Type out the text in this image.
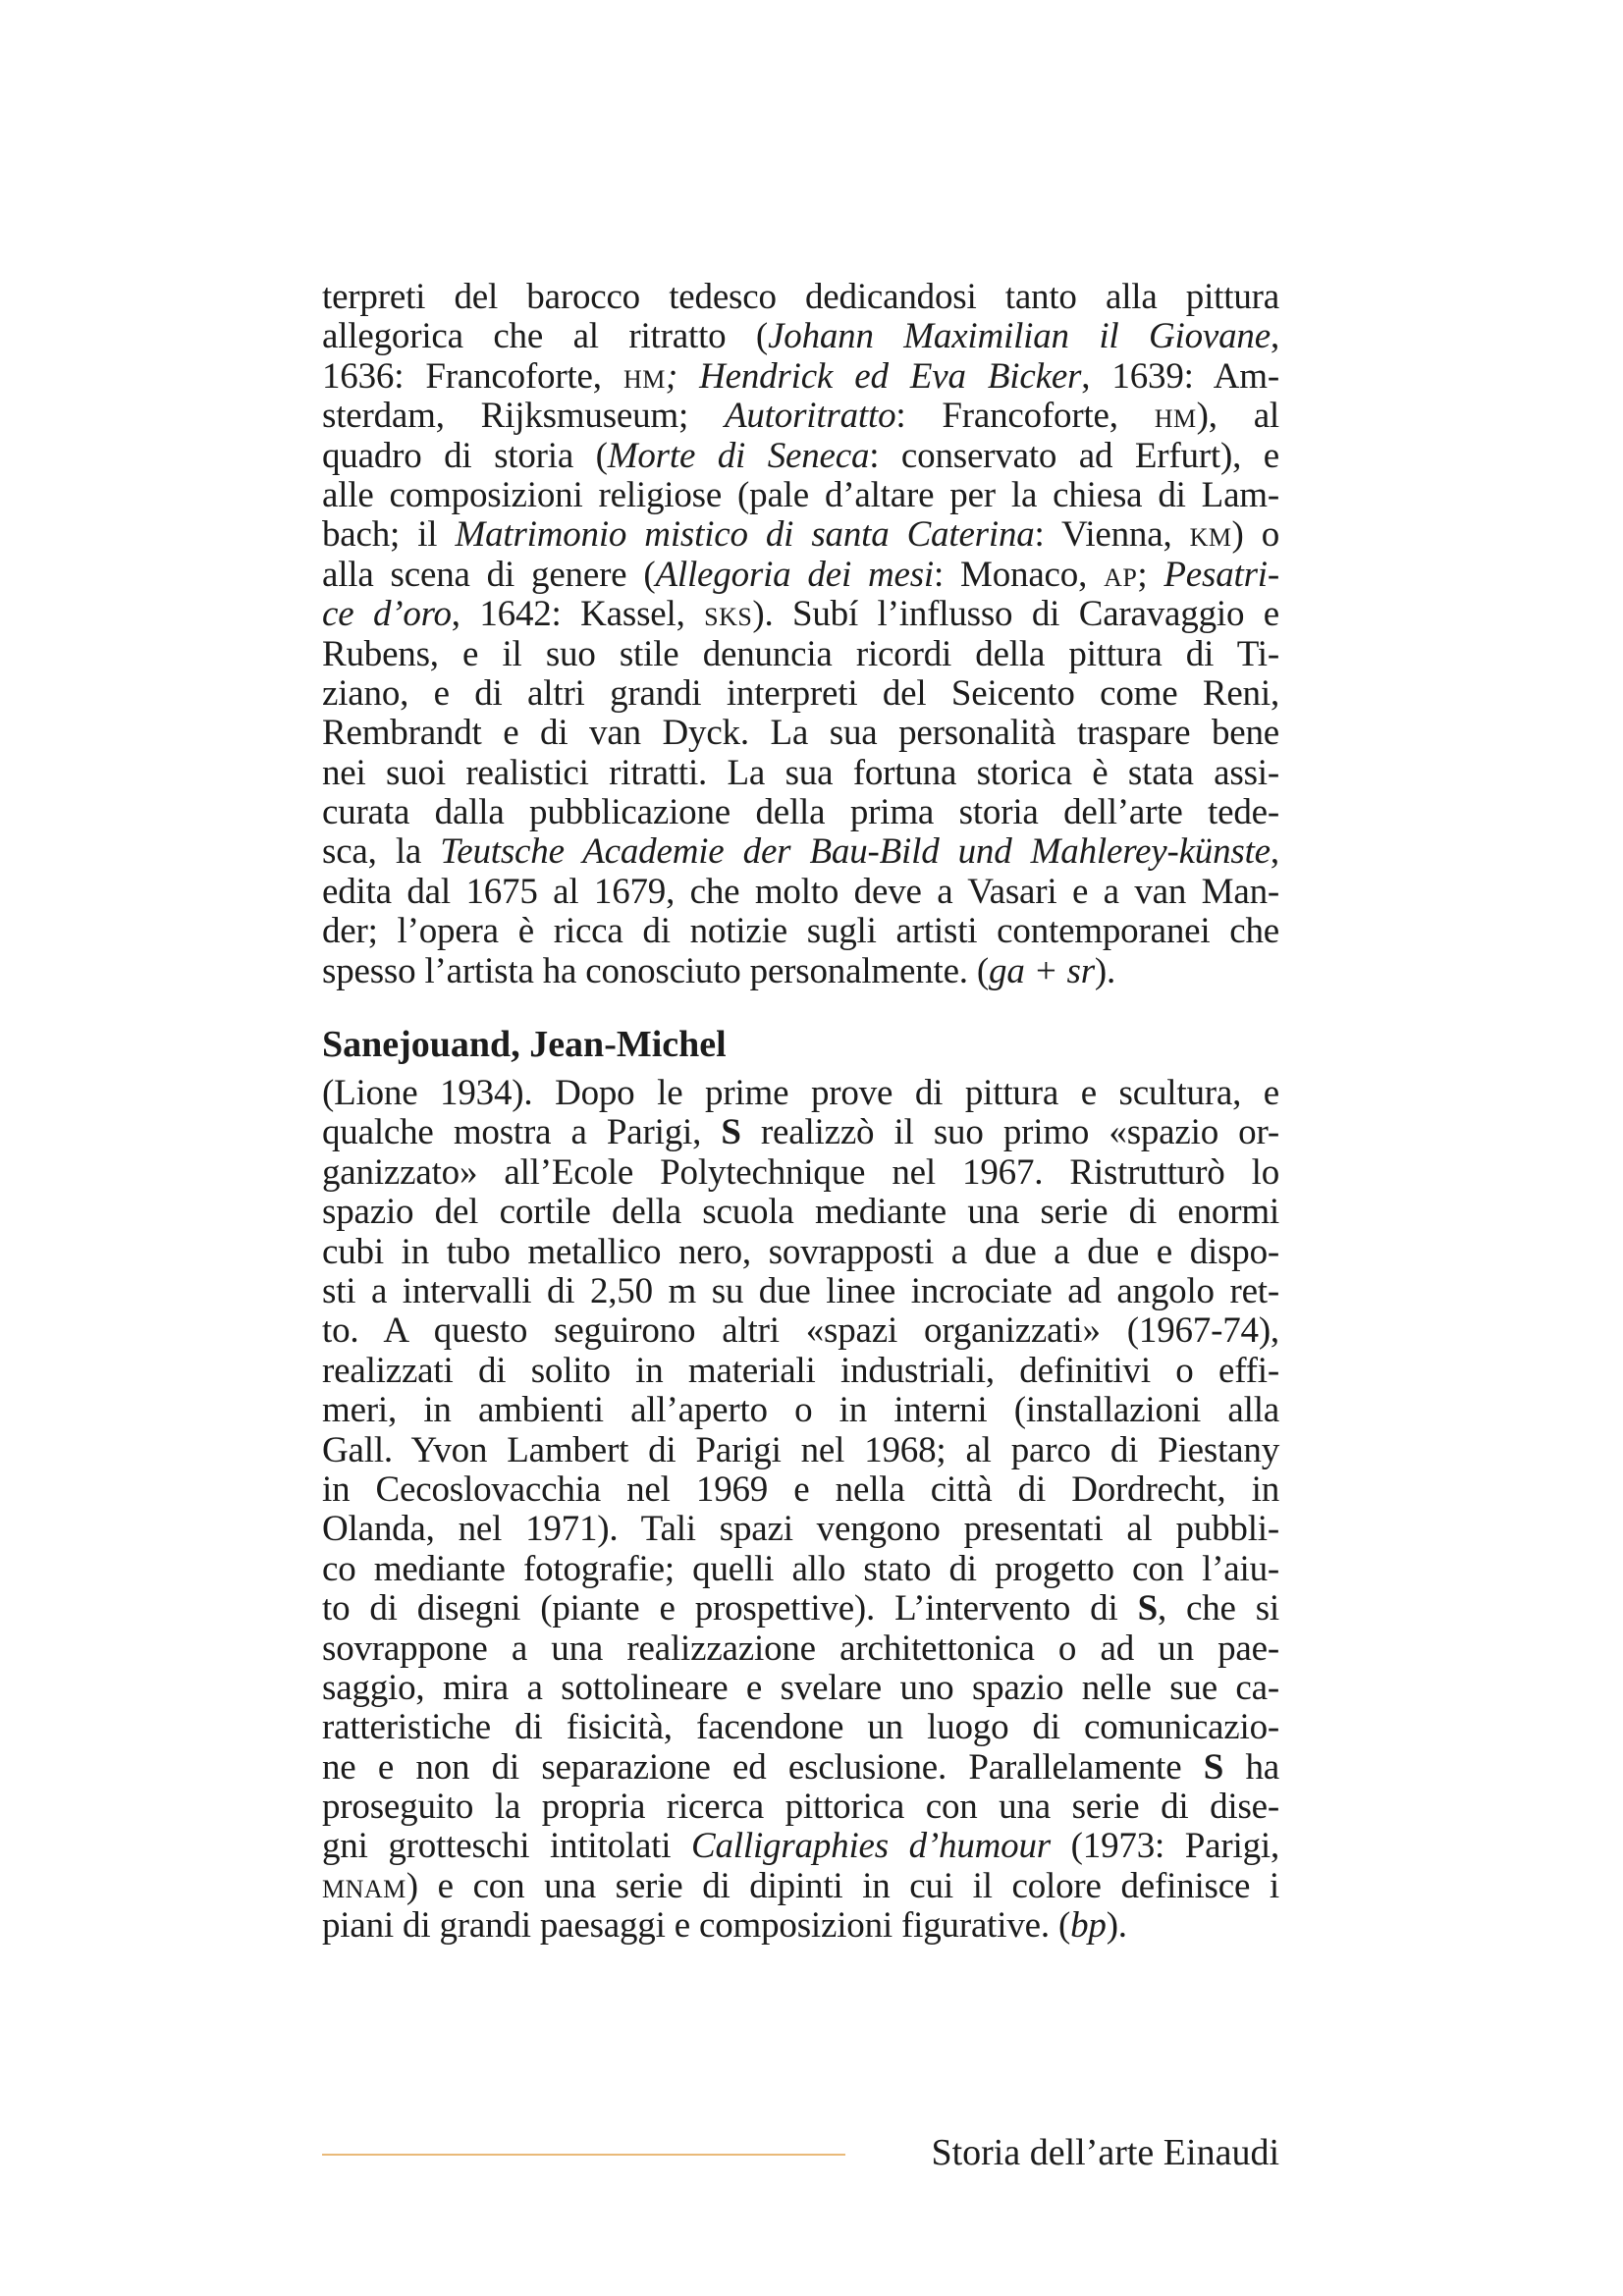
terpreti del barocco tedesco dedicandosi tanto alla pittura
allegorica che al ritratto (Johann Maximilian il Giovane,
1636: Francoforte, hm; Hendrick ed Eva Bicker, 1639: Am-
sterdam, Rijksmuseum; Autoritratto: Francoforte, hm), al
quadro di storia (Morte di Seneca: conservato ad Erfurt), e
alle composizioni religiose (pale d’altare per la chiesa di Lam-
bach; il Matrimonio mistico di santa Caterina: Vienna, km) o
alla scena di genere (Allegoria dei mesi: Monaco, ap; Pesatri-
ce d’oro, 1642: Kassel, sks). Subí l’influsso di Caravaggio e
Rubens, e il suo stile denuncia ricordi della pittura di Ti-
ziano, e di altri grandi interpreti del Seicento come Reni,
Rembrandt e di van Dyck. La sua personalità traspare bene
nei suoi realistici ritratti. La sua fortuna storica è stata assi-
curata dalla pubblicazione della prima storia dell’arte tede-
sca, la Teutsche Academie der Bau-Bild und Mahlerey-künste,
edita dal 1675 al 1679, che molto deve a Vasari e a van Man-
der; l’opera è ricca di notizie sugli artisti contemporanei che
spesso l’artista ha conosciuto personalmente. (ga + sr).
Sanejouand, Jean-Michel
(Lione 1934). Dopo le prime prove di pittura e scultura, e
qualche mostra a Parigi, S realizzò il suo primo «spazio or-
ganizzato» all’Ecole Polytechnique nel 1967. Ristrutturò lo
spazio del cortile della scuola mediante una serie di enormi
cubi in tubo metallico nero, sovrapposti a due a due e dispo-
sti a intervalli di 2,50 m su due linee incrociate ad angolo ret-
to. A questo seguirono altri «spazi organizzati» (1967-74),
realizzati di solito in materiali industriali, definitivi o effi-
meri, in ambienti all’aperto o in interni (installazioni alla
Gall. Yvon Lambert di Parigi nel 1968; al parco di Piestany
in Cecoslovacchia nel 1969 e nella città di Dordrecht, in
Olanda, nel 1971). Tali spazi vengono presentati al pubbli-
co mediante fotografie; quelli allo stato di progetto con l’aiu-
to di disegni (piante e prospettive). L’intervento di S, che si
sovrappone a una realizzazione architettonica o ad un pae-
saggio, mira a sottolineare e svelare uno spazio nelle sue ca-
ratteristiche di fisicità, facendone un luogo di comunicazio-
ne e non di separazione ed esclusione. Parallelamente S ha
proseguito la propria ricerca pittorica con una serie di dise-
gni grotteschi intitolati Calligraphies d’humour (1973: Parigi,
mnam) e con una serie di dipinti in cui il colore definisce i
piani di grandi paesaggi e composizioni figurative. (bp).
Storia dell’arte Einaudi
